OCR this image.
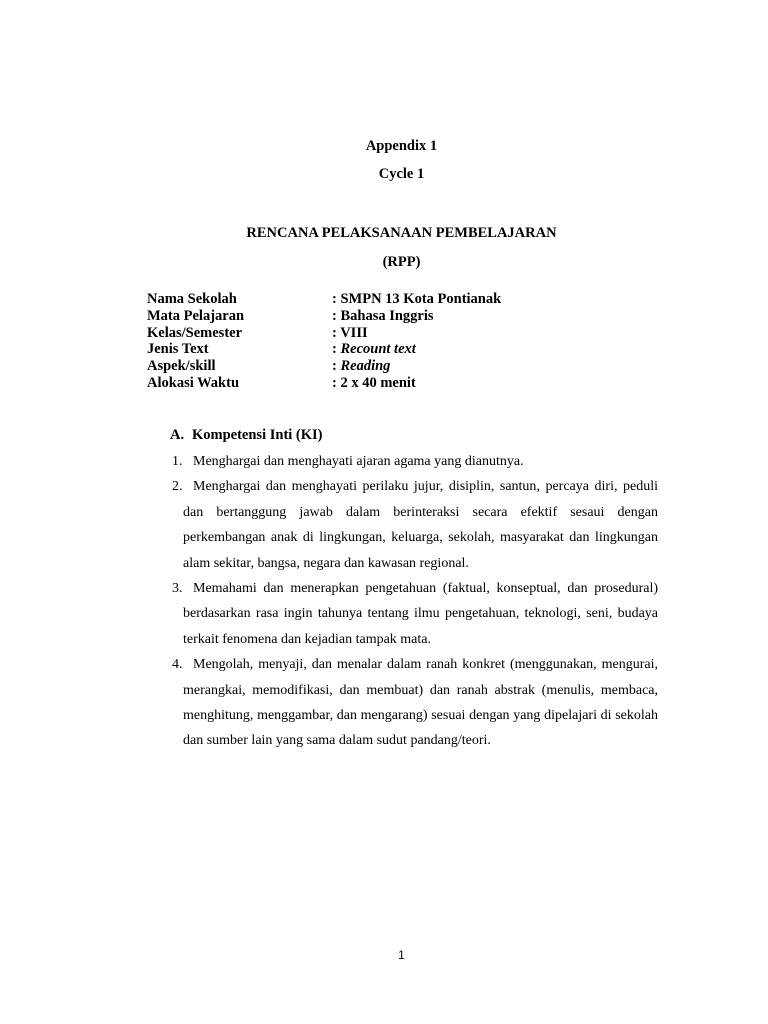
Appendix 1
Cycle 1
RENCANA PELAKSANAAN PEMBELAJARAN
(RPP)
Nama Sekolah	: SMPN 13 Kota Pontianak
Mata Pelajaran	: Bahasa Inggris
Kelas/Semester	: VIII
Jenis Text	: Recount text
Aspek/skill	: Reading
Alokasi Waktu	: 2 x 40 menit
A. Kompetensi Inti (KI)

1. Menghargai dan menghayati ajaran agama yang dianutnya.

2. Menghargai dan menghayati perilaku jujur, disiplin, santun, percaya diri, peduli dan bertanggung jawab dalam berinteraksi secara efektif sesaui dengan perkembangan anak di lingkungan, keluarga, sekolah, masyarakat dan lingkungan alam sekitar, bangsa, negara dan kawasan regional.

3. Memahami dan menerapkan pengetahuan (faktual, konseptual, dan prosedural) berdasarkan rasa ingin tahunya tentang ilmu pengetahuan, teknologi, seni, budaya terkait fenomena dan kejadian tampak mata.

4. Mengolah, menyaji, dan menalar dalam ranah konkret (menggunakan, mengurai, merangkai, memodifikasi, dan membuat) dan ranah abstrak (menulis, membaca, menghitung, menggambar, dan mengarang) sesuai dengan yang dipelajari di sekolah dan sumber lain yang sama dalam sudut pandang/teori.

1
